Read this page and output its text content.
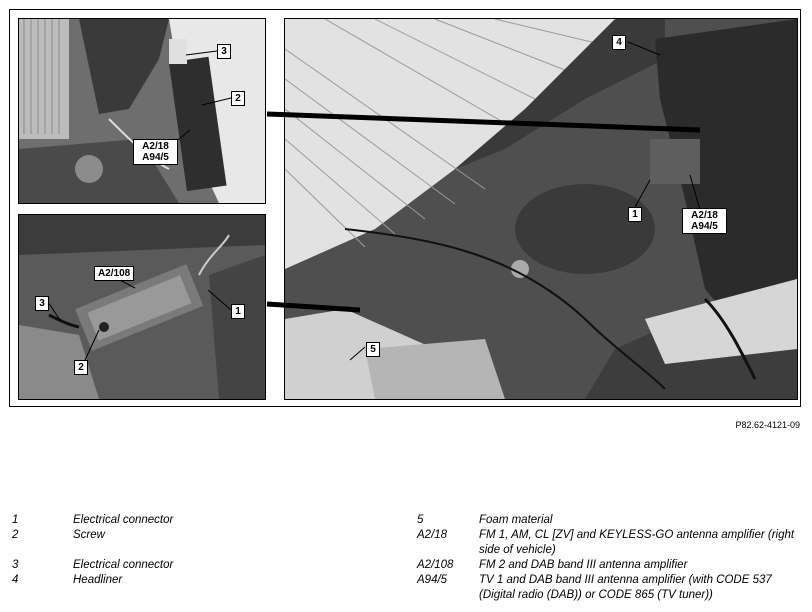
3
2
A2/18
A94/5
A2/108
3
1
2
4
1	A2/18
A94/5
5
P82.62-4121-09
1	Electrical connector
2	Screw
3	Electrical connector
4	Headliner
5	Foam material
A2/18	FM 1, AM, CL [ZV] and KEYLESS-GO antenna amplifier (right side of vehicle)
A2/108	FM 2 and DAB band III antenna amplifier
A94/5	TV 1 and DAB band III antenna amplifier (with CODE 537 (Digital radio (DAB)) or CODE 865 (TV tuner))
